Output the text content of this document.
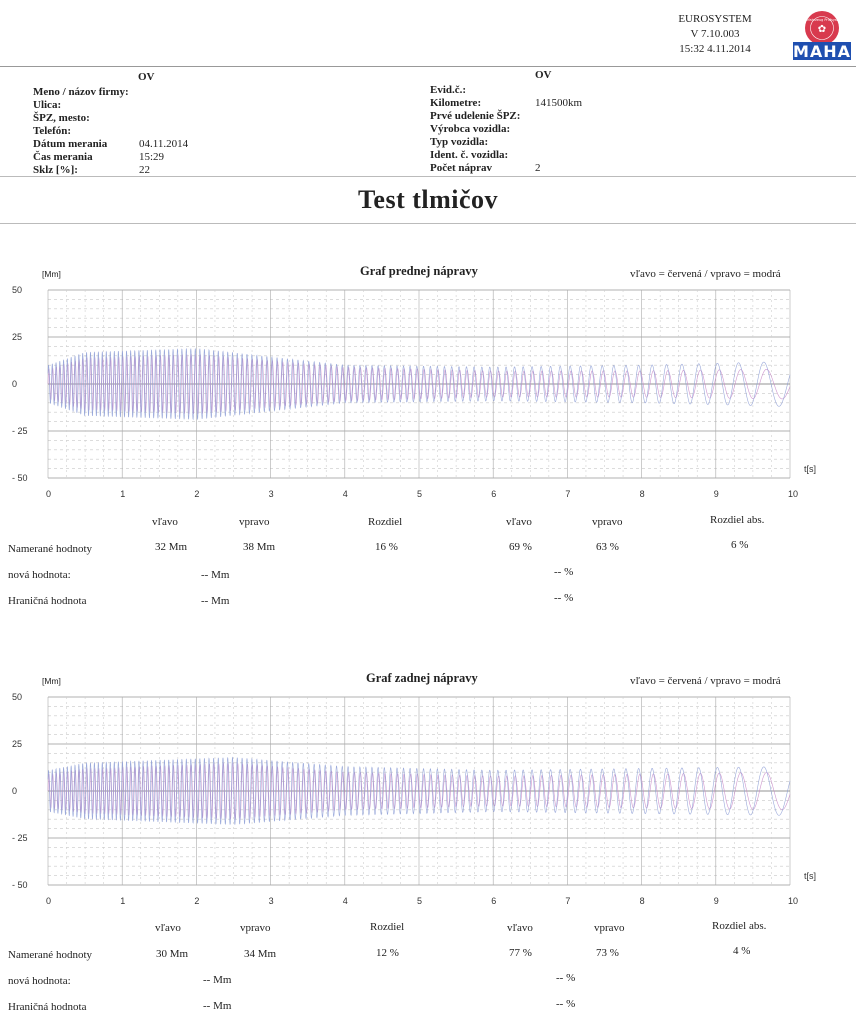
EUROSYSTEM
V 7.10.003
15:32 4.11.2014
✿
Motorfahrzeug Prüfsysteme
MAHA
OV
Meno / názov firmy:
Ulica:
ŠPZ, mesto:
Telefón:
Dátum merania	04.11.2014
Čas merania	15:29
Sklz [%]:	22
OV
Evid.č.:
Kilometre:	141500km
Prvé udelenie ŠPZ:
Výrobca vozidla:
Typ vozidla:
Ident. č. vozidla:
Počet náprav	2
Test tlmičov
[Mm]	Graf prednej nápravy	vľavo = červená / vpravo = modrá
50
25
0
- 25
- 50
0	1	2	3	4	5	6	7	8	9	10
t[s]
vľavo	vpravo	Rozdiel	vľavo	vpravo	Rozdiel abs.
Namerané hodnoty	32 Mm	38 Mm	16 %	69 %	63 %	6 %
nová hodnota:	-- Mm	-- %
Hraničná hodnota	-- Mm	-- %
[Mm]	Graf zadnej nápravy	vľavo = červená / vpravo = modrá
50
25
0
- 25
- 50
0	1	2	3	4	5	6	7	8	9	10
t[s]
vľavo	vpravo	Rozdiel	vľavo	vpravo	Rozdiel abs.
Namerané hodnoty	30 Mm	34 Mm	12 %	77 %	73 %	4 %
nová hodnota:	-- Mm	-- %
Hraničná hodnota	-- Mm	-- %
